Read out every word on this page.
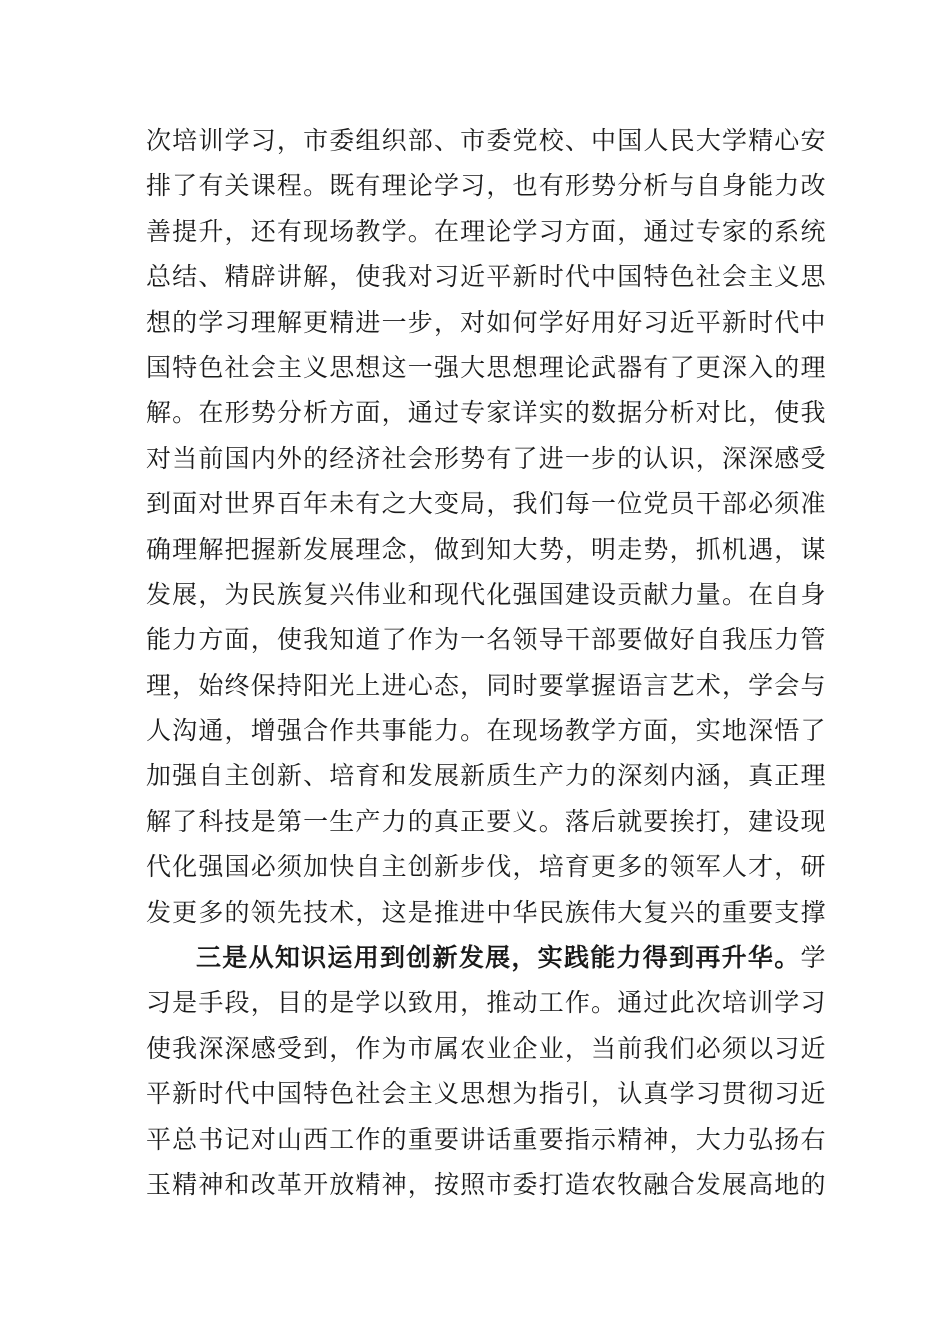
次培训学习，市委组织部、市委党校、中国人民大学精心安
排了有关课程。既有理论学习，也有形势分析与自身能力改
善提升，还有现场教学。在理论学习方面，通过专家的系统
总结、精辟讲解，使我对习近平新时代中国特色社会主义思
想的学习理解更精进一步，对如何学好用好习近平新时代中
国特色社会主义思想这一强大思想理论武器有了更深入的理
解。在形势分析方面，通过专家详实的数据分析对比，使我
对当前国内外的经济社会形势有了进一步的认识，深深感受
到面对世界百年未有之大变局，我们每一位党员干部必须准
确理解把握新发展理念，做到知大势，明走势，抓机遇，谋
发展，为民族复兴伟业和现代化强国建设贡献力量。在自身
能力方面，使我知道了作为一名领导干部要做好自我压力管
理，始终保持阳光上进心态，同时要掌握语言艺术，学会与
人沟通，增强合作共事能力。在现场教学方面，实地深悟了
加强自主创新、培育和发展新质生产力的深刻内涵，真正理
解了科技是第一生产力的真正要义。落后就要挨打，建设现
代化强国必须加快自主创新步伐，培育更多的领军人才，研
发更多的领先技术，这是推进中华民族伟大复兴的重要支撑
三是从知识运用到创新发展，实践能力得到再升华。学
习是手段，目的是学以致用，推动工作。通过此次培训学习
使我深深感受到，作为市属农业企业，当前我们必须以习近
平新时代中国特色社会主义思想为指引，认真学习贯彻习近
平总书记对山西工作的重要讲话重要指示精神，大力弘扬右
玉精神和改革开放精神，按照市委打造农牧融合发展高地的
